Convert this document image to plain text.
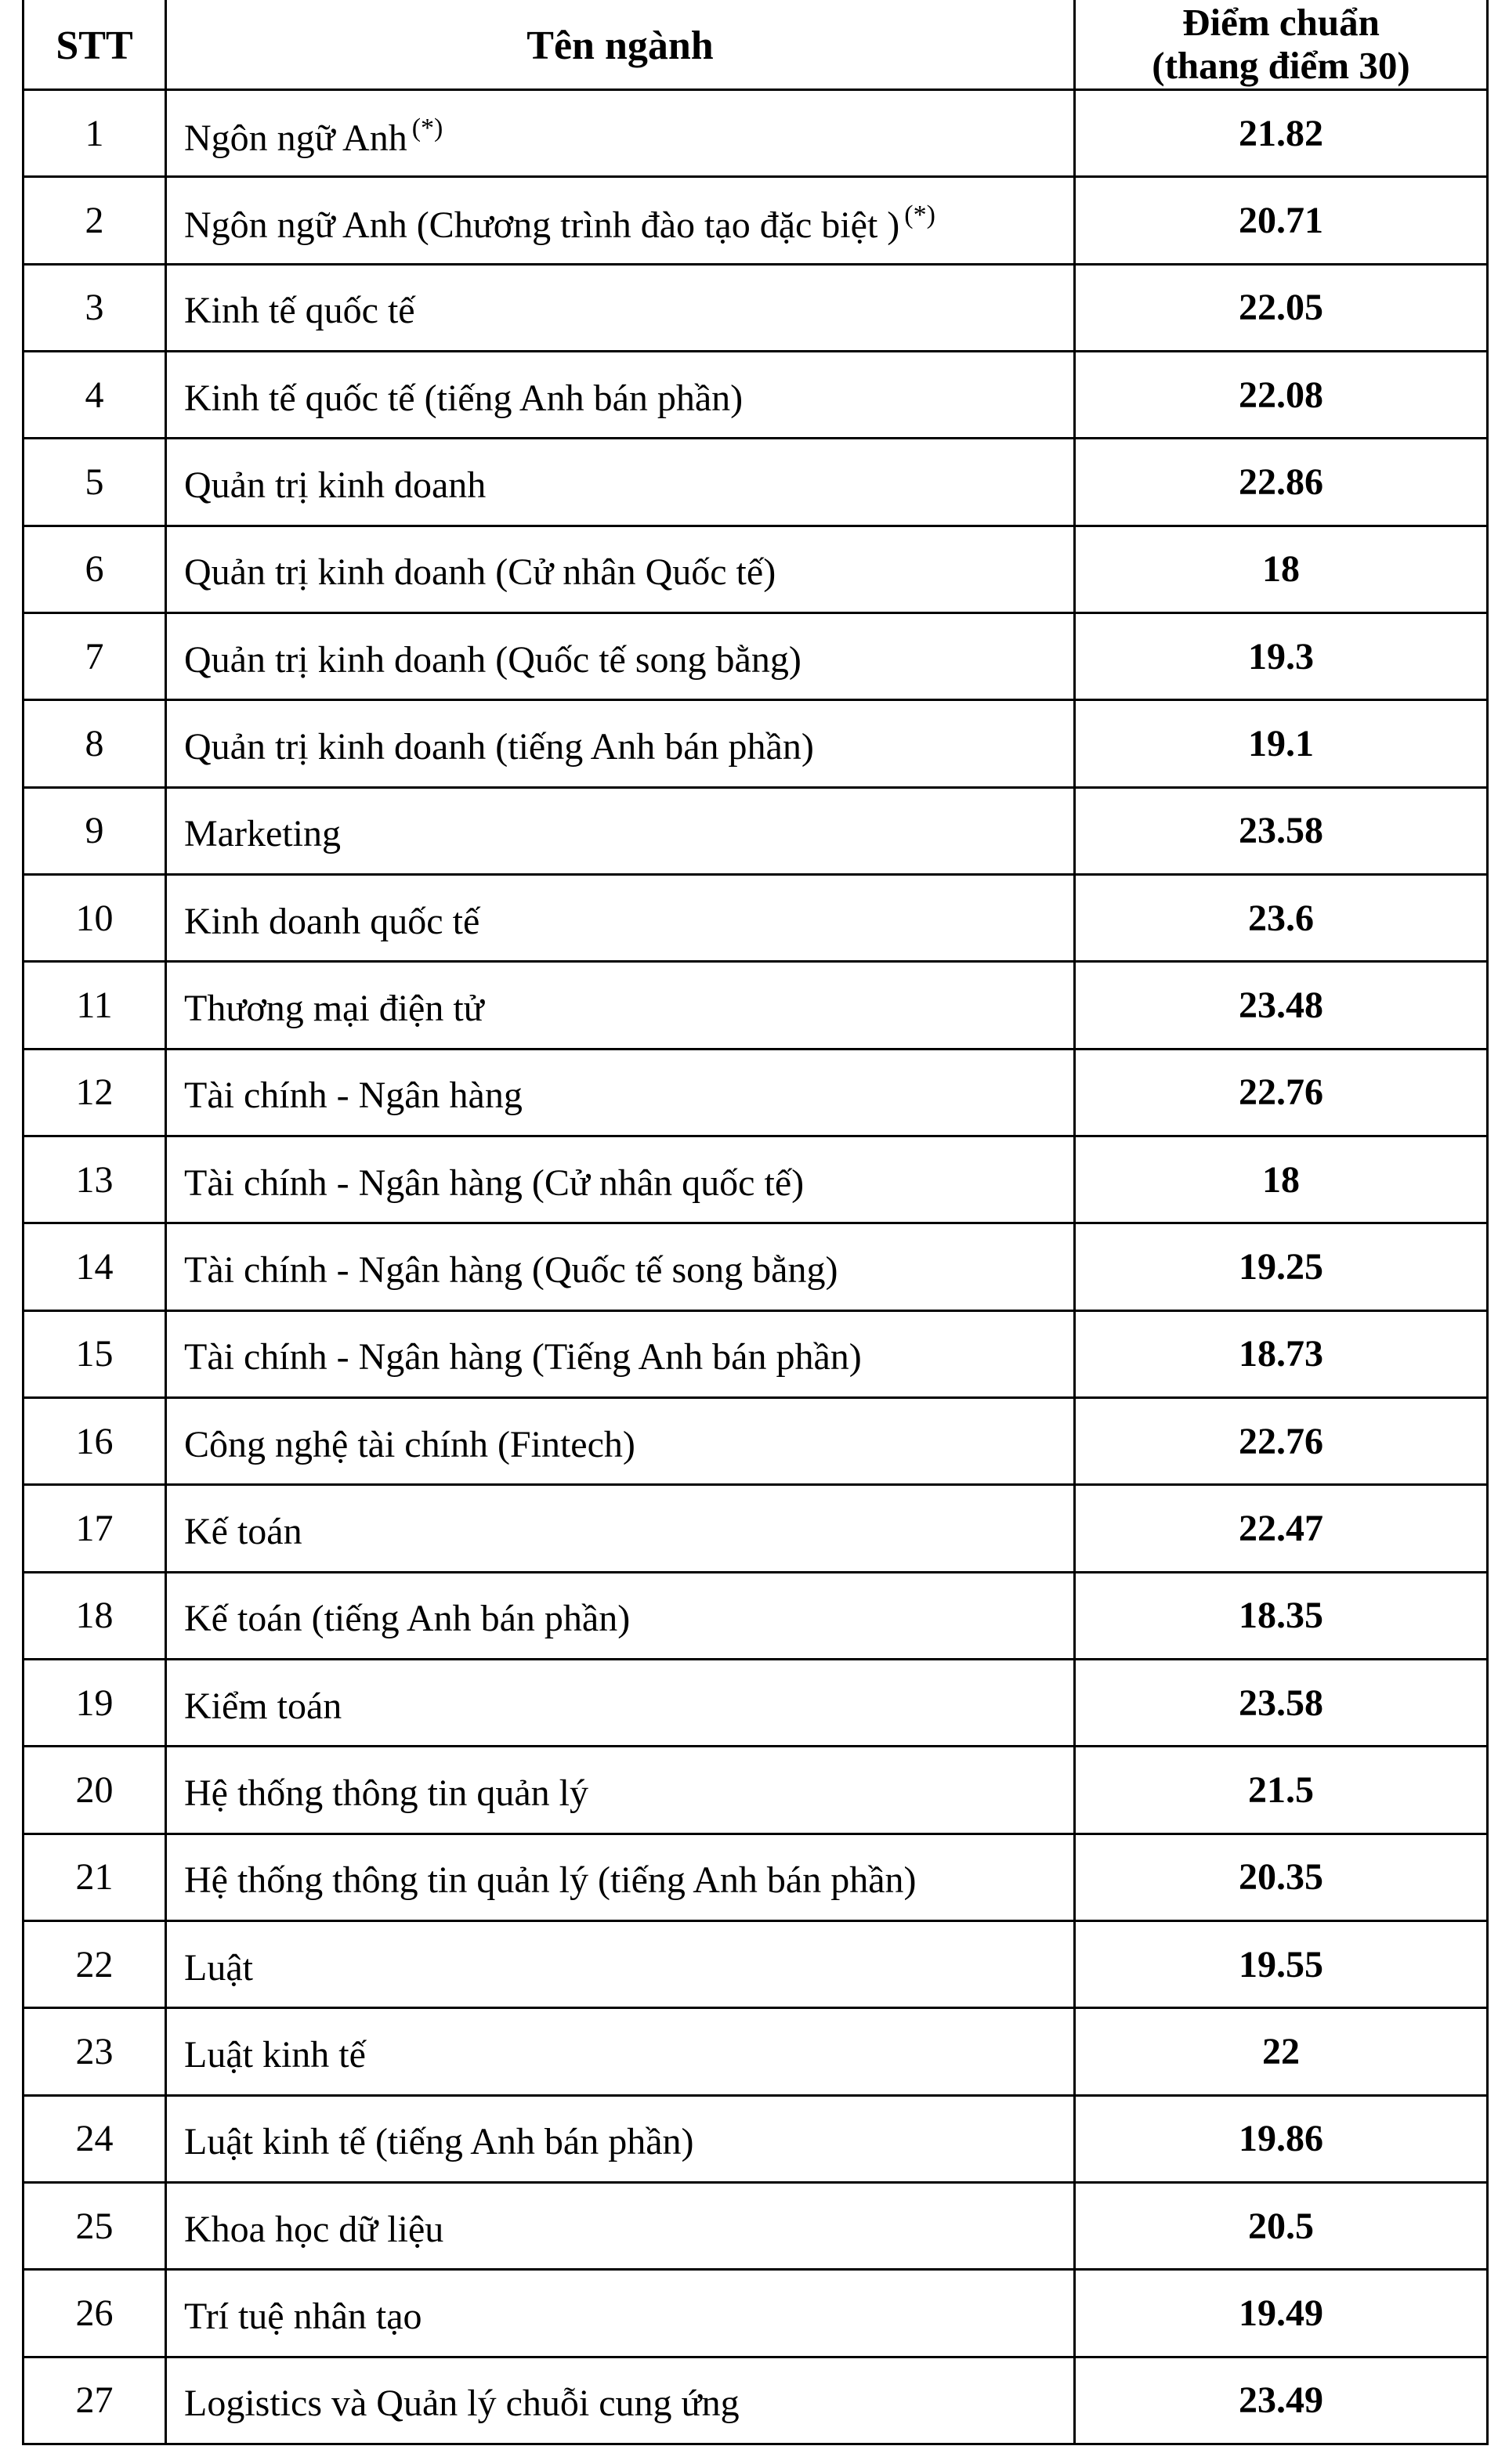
STT	Tên ngành	Điểm chuẩn
(thang điểm 30)

1	Ngôn ngữ Anh (*)	21.82
2	Ngôn ngữ Anh (Chương trình đào tạo đặc biệt ) (*)	20.71
3	Kinh tế quốc tế	22.05
4	Kinh tế quốc tế (tiếng Anh bán phần)	22.08
5	Quản trị kinh doanh	22.86
6	Quản trị kinh doanh (Cử nhân Quốc tế)	18
7	Quản trị kinh doanh (Quốc tế song bằng)	19.3
8	Quản trị kinh doanh (tiếng Anh bán phần)	19.1
9	Marketing	23.58
10	Kinh doanh quốc tế	23.6
11	Thương mại điện tử	23.48
12	Tài chính - Ngân hàng	22.76
13	Tài chính - Ngân hàng (Cử nhân quốc tế)	18
14	Tài chính - Ngân hàng (Quốc tế song bằng)	19.25
15	Tài chính - Ngân hàng (Tiếng Anh bán phần)	18.73
16	Công nghệ tài chính (Fintech)	22.76
17	Kế toán	22.47
18	Kế toán (tiếng Anh bán phần)	18.35
19	Kiểm toán	23.58
20	Hệ thống thông tin quản lý	21.5
21	Hệ thống thông tin quản lý (tiếng Anh bán phần)	20.35
22	Luật	19.55
23	Luật kinh tế	22
24	Luật kinh tế (tiếng Anh bán phần)	19.86
25	Khoa học dữ liệu	20.5
26	Trí tuệ nhân tạo	19.49
27	Logistics và Quản lý chuỗi cung ứng	23.49
